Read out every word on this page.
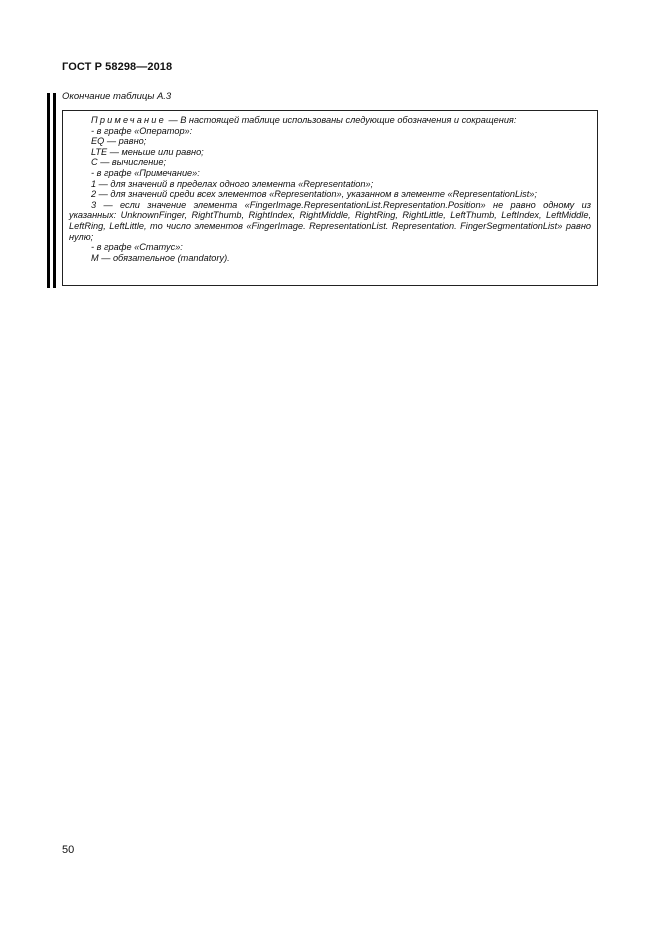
ГОСТ Р 58298—2018
Окончание таблицы А.3
Примечание — В настоящей таблице использованы следующие обозначения и сокращения:
- в графе «Оператор»:
EQ — равно;
LTE — меньше или равно;
C — вычисление;
- в графе «Примечание»:
1 — для значений в пределах одного элемента «Representation»;
2 — для значений среди всех элементов «Representation», указанном в элементе «RepresentationList»;
3 — если значение элемента «FingerImage.RepresentationList.Representation.Position» не равно одному из указанных: UnknownFinger, RightThumb, RightIndex, RightMiddle, RightRing, RightLittle, LeftThumb, LeftIndex, LeftMiddle, LeftRing, LeftLittle, то число элементов «FingerImage. RepresentationList. Representation. FingerSegmentationList» равно нулю;
- в графе «Статус»:
М — обязательное (mandatory).
50
